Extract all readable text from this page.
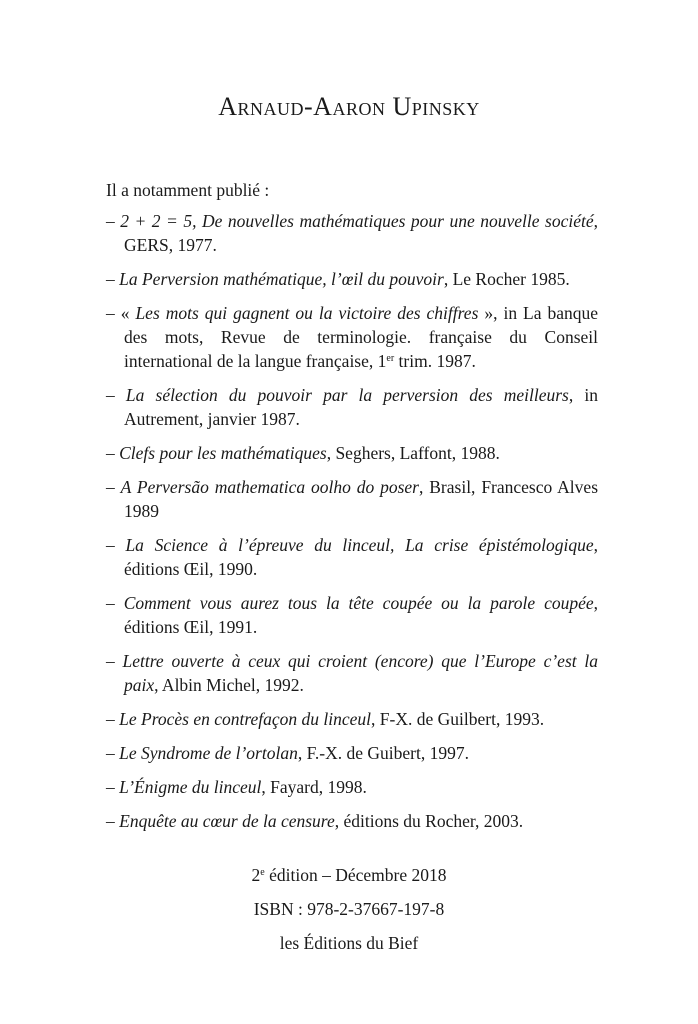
Arnaud-Aaron Upinsky

Il a notamment publié :

– 2 + 2 = 5, De nouvelles mathématiques pour une nouvelle société, GERS, 1977.
– La Perversion mathématique, l’œil du pouvoir, Le Rocher 1985.
– « Les mots qui gagnent ou la victoire des chiffres », in La banque des mots, Revue de terminologie. française du Conseil international de la langue française, 1er trim. 1987.
– La sélection du pouvoir par la perversion des meilleurs, in Autrement, janvier 1987.
– Clefs pour les mathématiques, Seghers, Laffont, 1988.
– A Perversão mathematica oolho do poser, Brasil, Francesco Alves 1989
– La Science à l’épreuve du linceul, La crise épistémologique, éditions Œil, 1990.
– Comment vous aurez tous la tête coupée ou la parole coupée, éditions Œil, 1991.
– Lettre ouverte à ceux qui croient (encore) que l’Europe c’est la paix, Albin Michel, 1992.
– Le Procès en contrefaçon du linceul, F-X. de Guilbert, 1993.
– Le Syndrome de l’ortolan, F.-X. de Guibert, 1997.
– L’Énigme du linceul, Fayard, 1998.
– Enquête au cœur de la censure, éditions du Rocher, 2003.

2e édition – Décembre 2018

ISBN : 978-2-37667-197-8

les Éditions du Bief
